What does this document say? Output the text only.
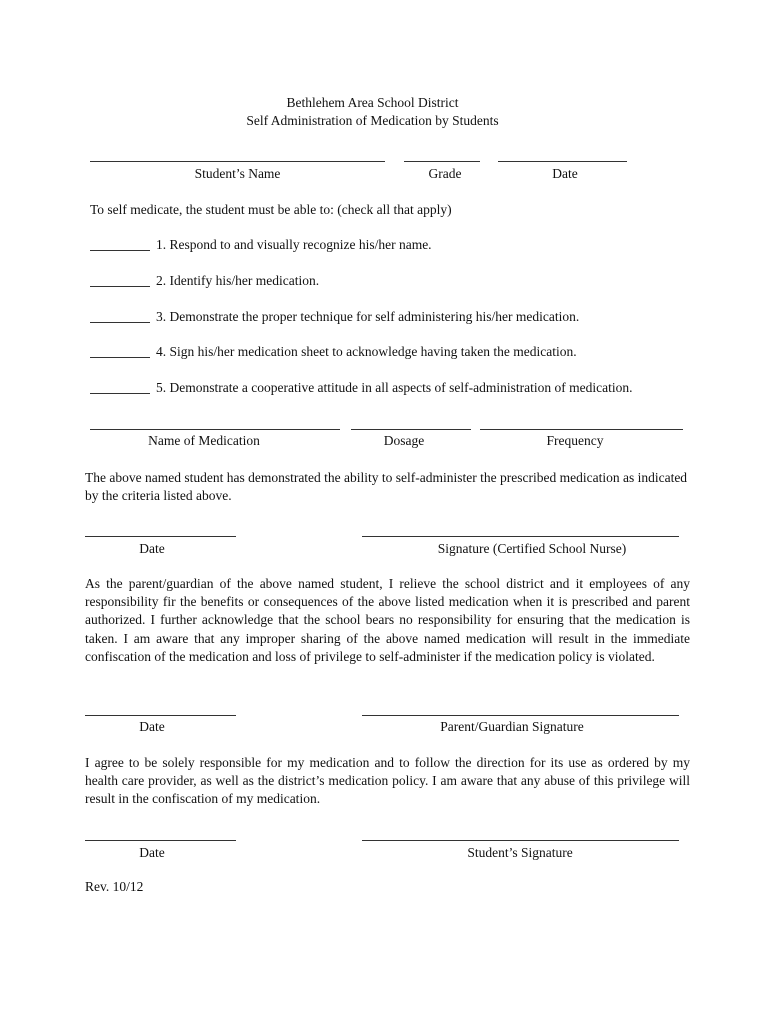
Bethlehem Area School District
Self Administration of Medication by Students
Student’s Name	Grade	Date
To self medicate, the student must be able to: (check all that apply)
1. Respond to and visually recognize his/her name.
2. Identify his/her medication.
3. Demonstrate the proper technique for self administering his/her medication.
4. Sign his/her medication sheet to acknowledge having taken the medication.
5. Demonstrate a cooperative attitude in all aspects of self-administration of medication.
Name of Medication	Dosage	Frequency
The above named student has demonstrated the ability to self-administer the prescribed medication as indicated by the criteria listed above.
Date	Signature (Certified School Nurse)
As the parent/guardian of the above named student, I relieve the school district and it employees of any responsibility fir the benefits or consequences of the above listed medication when it is prescribed and parent authorized. I further acknowledge that the school bears no responsibility for ensuring that the medication is taken. I am aware that any improper sharing of the above named medication will result in the immediate confiscation of the medication and loss of privilege to self-administer if the medication policy is violated.
Date	Parent/Guardian Signature
I agree to be solely responsible for my medication and to follow the direction for its use as ordered by my health care provider, as well as the district’s medication policy. I am aware that any abuse of this privilege will result in the confiscation of my medication.
Date	Student’s Signature
Rev. 10/12
